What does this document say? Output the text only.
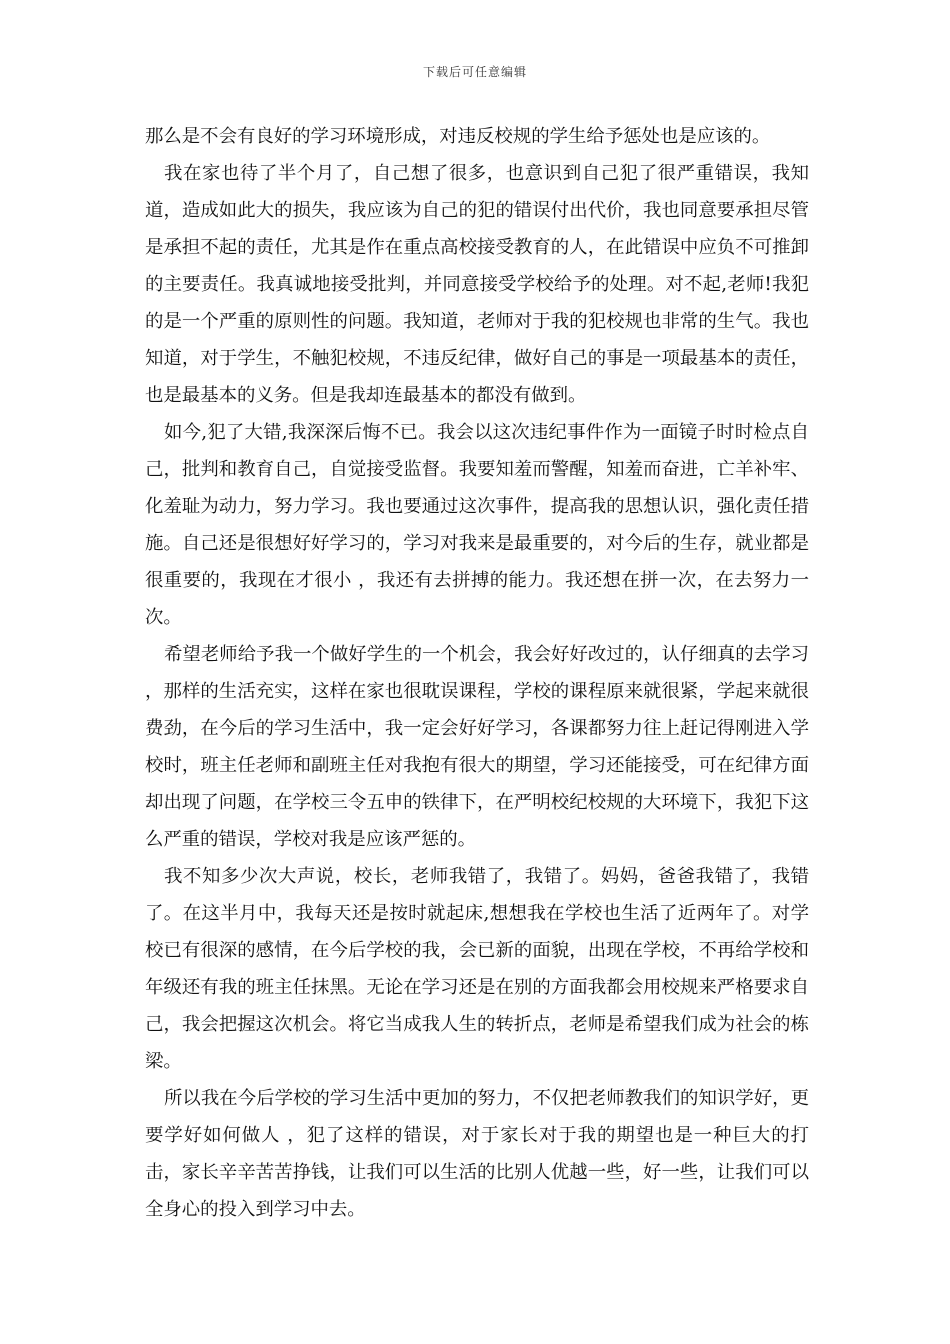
下载后可任意编辑

那么是不会有良好的学习环境形成，对违反校规的学生给予惩处也是应该的。

我在家也待了半个月了，自己想了很多，也意识到自己犯了很严重错误，我知道，造成如此大的损失，我应该为自己的犯的错误付出代价，我也同意要承担尽管是承担不起的责任，尤其是作在重点高校接受教育的人，在此错误中应负不可推卸的主要责任。我真诚地接受批判，并同意接受学校给予的处理。对不起,老师!我犯的是一个严重的原则性的问题。我知道，老师对于我的犯校规也非常的生气。我也知道，对于学生，不触犯校规，不违反纪律，做好自己的事是一项最基本的责任，也是最基本的义务。但是我却连最基本的都没有做到。

如今,犯了大错,我深深后悔不已。我会以这次违纪事件作为一面镜子时时检点自己，批判和教育自己，自觉接受监督。我要知羞而警醒，知羞而奋进，亡羊补牢、化羞耻为动力，努力学习。我也要通过这次事件，提高我的思想认识，强化责任措施。自己还是很想好好学习的，学习对我来是最重要的，对今后的生存，就业都是很重要的，我现在才很小 ，我还有去拼搏的能力。我还想在拼一次，在去努力一次。

希望老师给予我一个做好学生的一个机会，我会好好改过的，认仔细真的去学习 ，那样的生活充实，这样在家也很耽误课程，学校的课程原来就很紧，学起来就很费劲，在今后的学习生活中，我一定会好好学习，各课都努力往上赶记得刚进入学校时，班主任老师和副班主任对我抱有很大的期望，学习还能接受，可在纪律方面却出现了问题，在学校三令五申的铁律下，在严明校纪校规的大环境下，我犯下这么严重的错误，学校对我是应该严惩的。

我不知多少次大声说，校长，老师我错了，我错了。妈妈，爸爸我错了，我错了。在这半月中，我每天还是按时就起床,想想我在学校也生活了近两年了。对学校已有很深的感情，在今后学校的我，会已新的面貌，出现在学校，不再给学校和年级还有我的班主任抹黑。无论在学习还是在别的方面我都会用校规来严格要求自己，我会把握这次机会。将它当成我人生的转折点，老师是希望我们成为社会的栋梁。

所以我在今后学校的学习生活中更加的努力，不仅把老师教我们的知识学好，更要学好如何做人 ，犯了这样的错误，对于家长对于我的期望也是一种巨大的打击，家长辛辛苦苦挣钱，让我们可以生活的比别人优越一些，好一些，让我们可以全身心的投入到学习中去。
